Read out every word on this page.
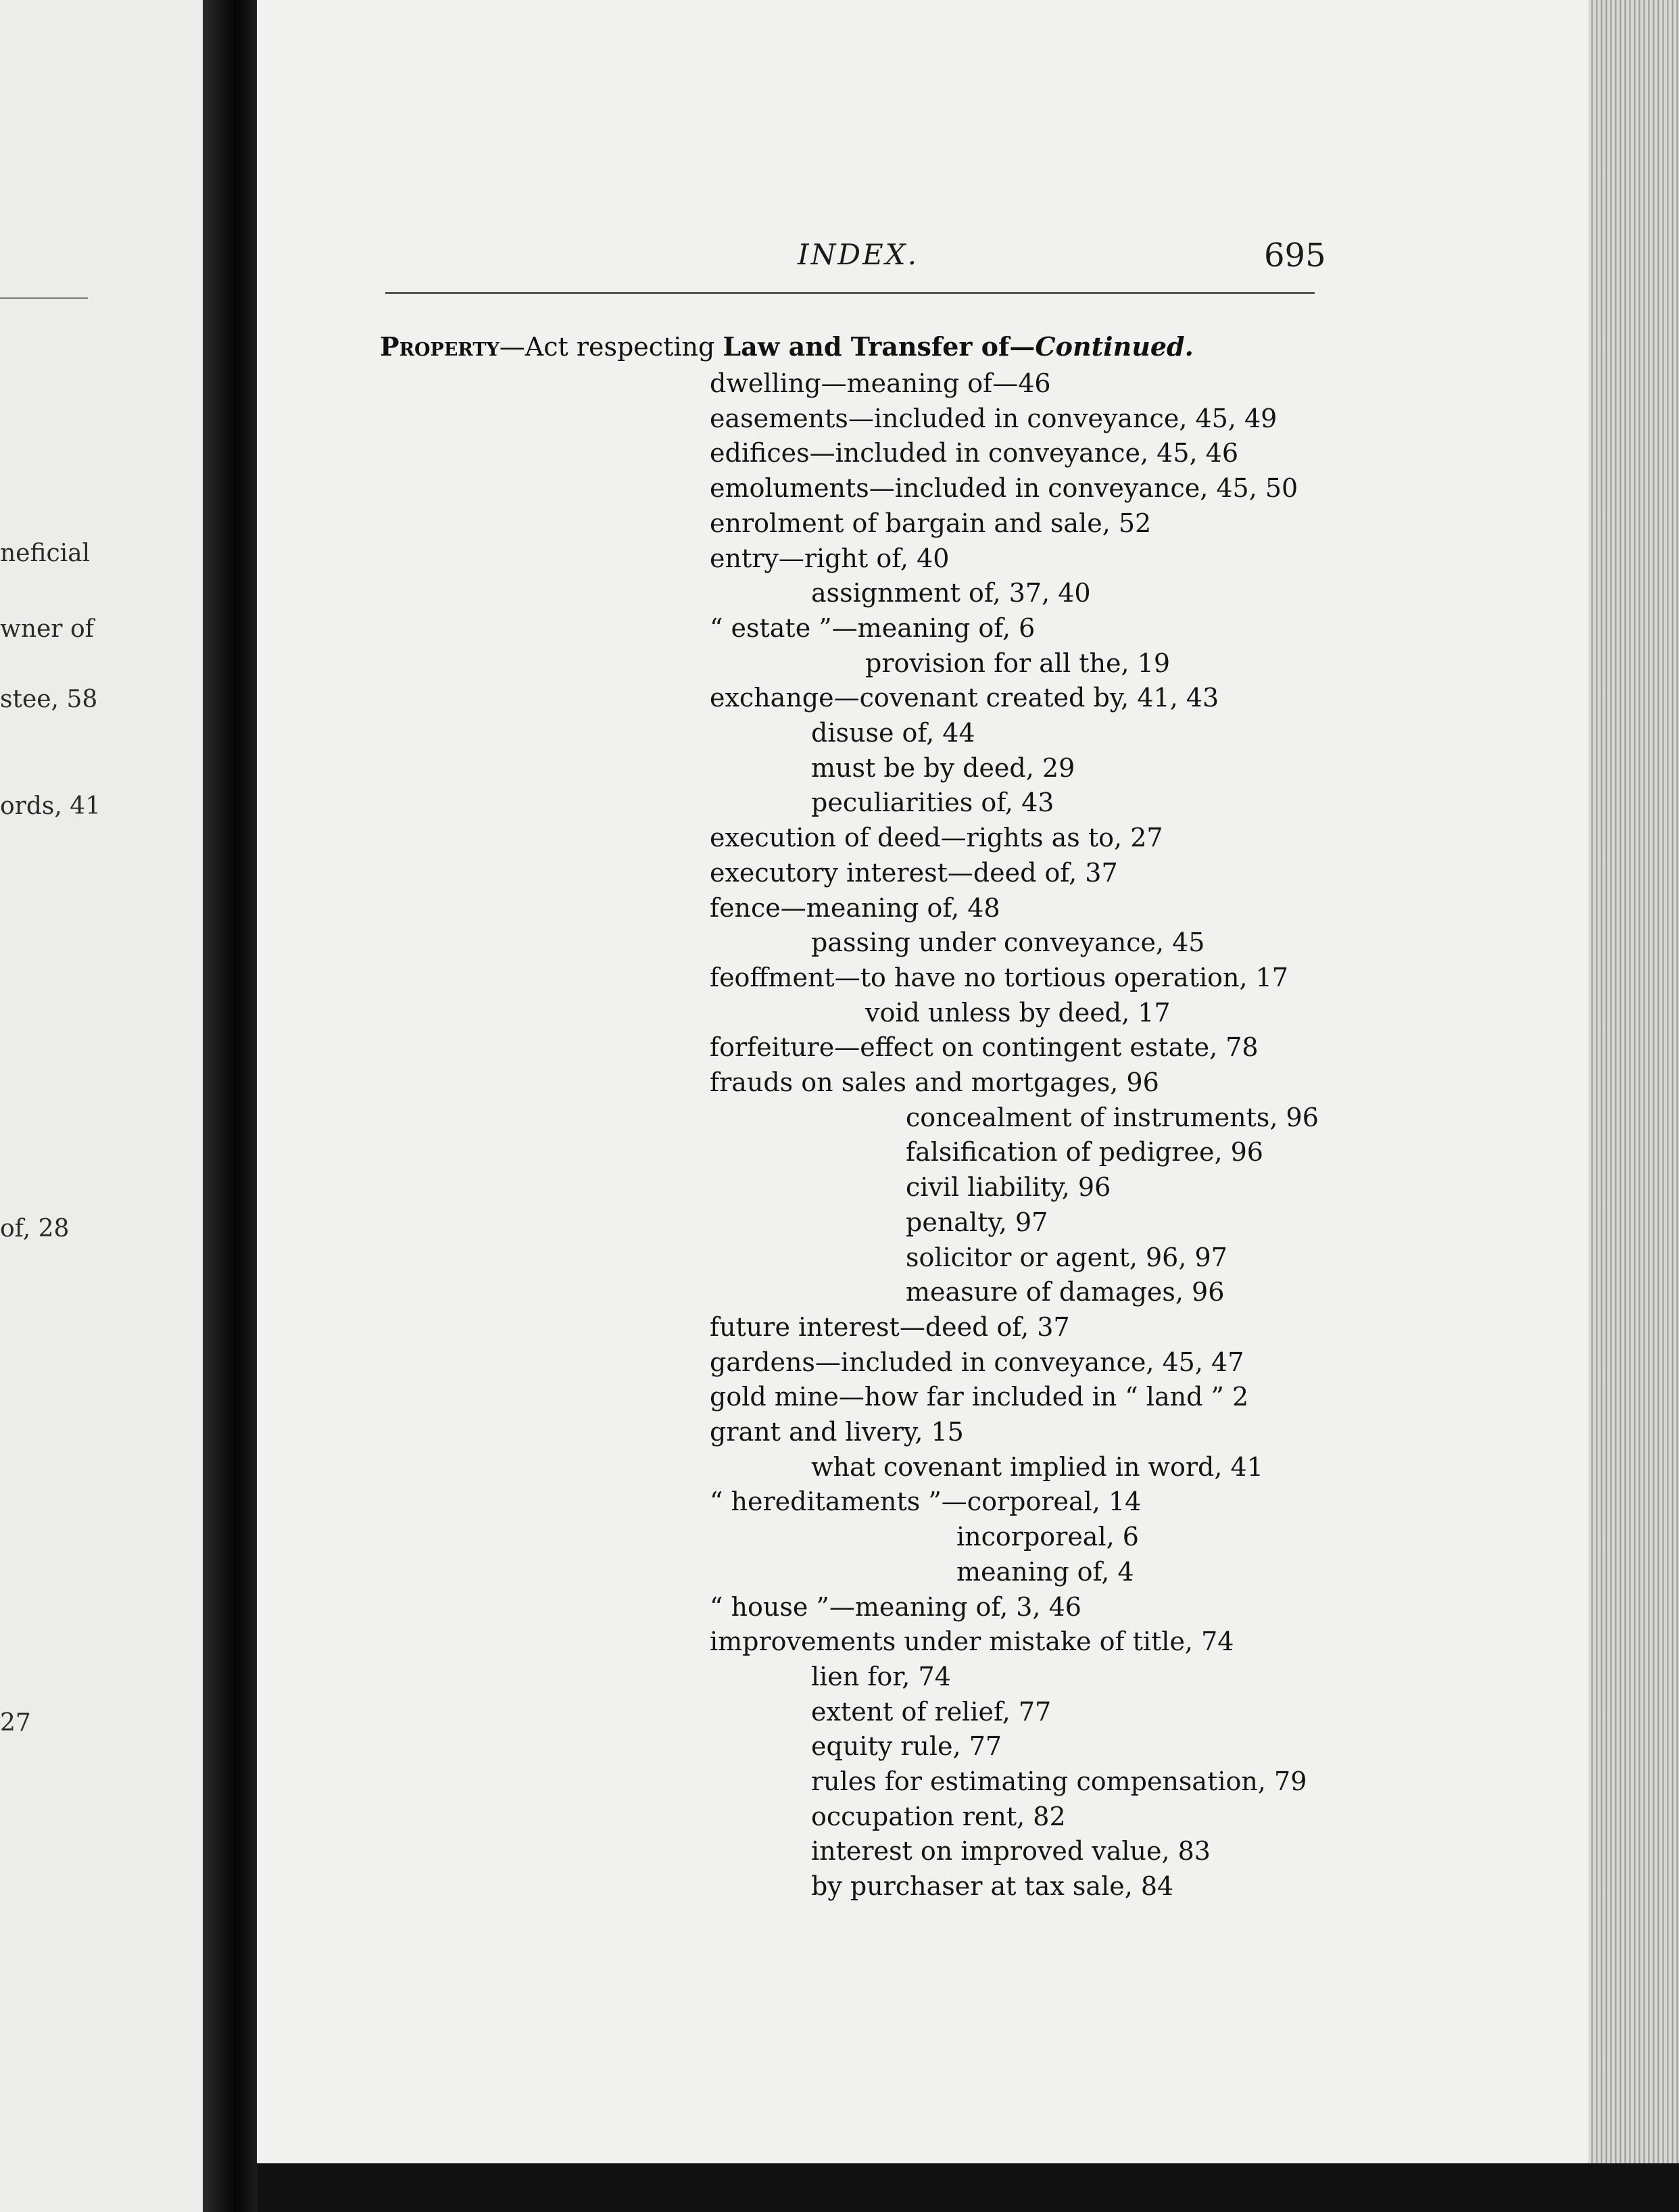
neficial
wner of
stee, 58
ords, 41
of, 28
27
INDEX.	695
Property—Act respecting Law and Transfer of—Continued.
dwelling—meaning of—46
easements—included in conveyance, 45, 49
edifices—included in conveyance, 45, 46
emoluments—included in conveyance, 45, 50
enrolment of bargain and sale, 52
entry—right of, 40
assignment of, 37, 40
“ estate ”—meaning of, 6
provision for all the, 19
exchange—covenant created by, 41, 43
disuse of, 44
must be by deed, 29
peculiarities of, 43
execution of deed—rights as to, 27
executory interest—deed of, 37
fence—meaning of, 48
passing under conveyance, 45
feoffment—to have no tortious operation, 17
void unless by deed, 17
forfeiture—effect on contingent estate, 78
frauds on sales and mortgages, 96
concealment of instruments, 96
falsification of pedigree, 96
civil liability, 96
penalty, 97
solicitor or agent, 96, 97
measure of damages, 96
future interest—deed of, 37
gardens—included in conveyance, 45, 47
gold mine—how far included in “ land ” 2
grant and livery, 15
what covenant implied in word, 41
“ hereditaments ”—corporeal, 14
incorporeal, 6
meaning of, 4
“ house ”—meaning of, 3, 46
improvements under mistake of title, 74
lien for, 74
extent of relief, 77
equity rule, 77
rules for estimating compensation, 79
occupation rent, 82
interest on improved value, 83
by purchaser at tax sale, 84
